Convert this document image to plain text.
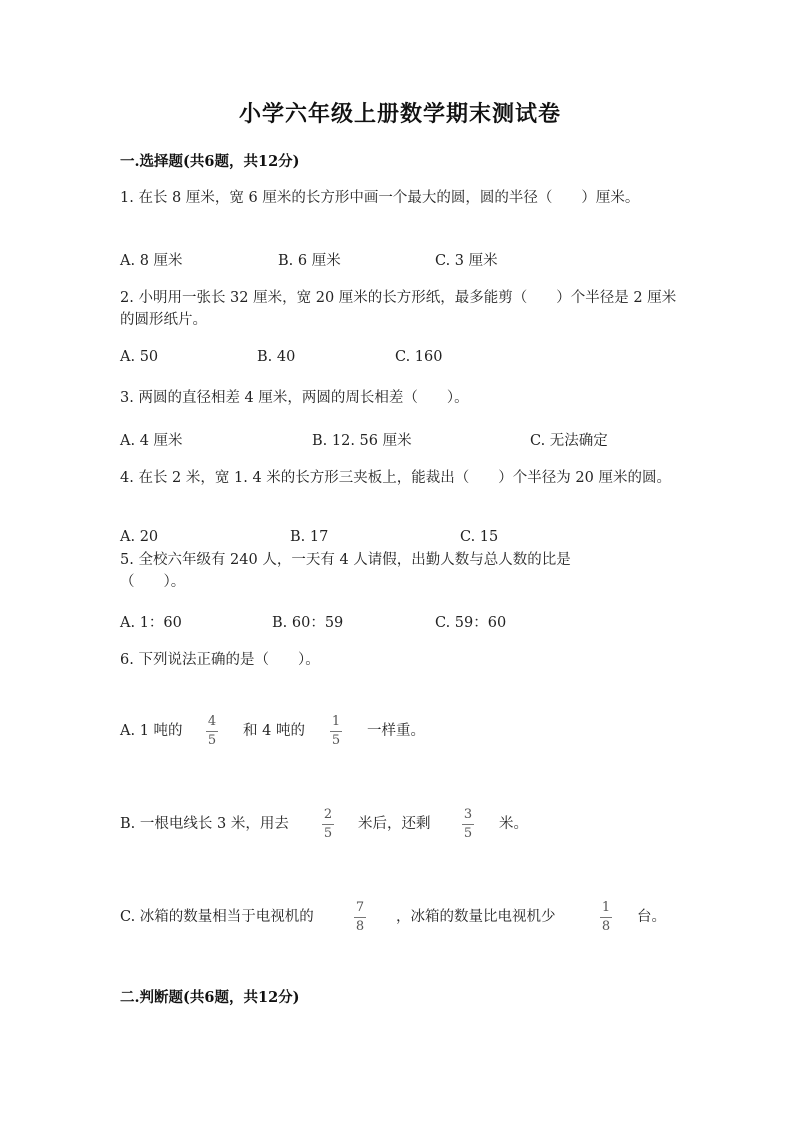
小学六年级上册数学期末测试卷
一.选择题(共6题，共12分)
1. 在长 8 厘米，宽 6 厘米的长方形中画一个最大的圆，圆的半径（　　）厘米。
A. 8 厘米	B. 6 厘米	C. 3 厘米
2. 小明用一张长 32 厘米，宽 20 厘米的长方形纸，最多能剪（　　）个半径是 2 厘米的圆形纸片。
A. 50	B. 40	C. 160
3. 两圆的直径相差 4 厘米，两圆的周长相差（　　）。
A. 4 厘米	B. 12. 56 厘米	C. 无法确定
4. 在长 2 米，宽 1. 4 米的长方形三夹板上，能裁出（　　）个半径为 20 厘米的圆。
A. 20	B. 17	C. 15
5. 全校六年级有 240 人，一天有 4 人请假，出勤人数与总人数的比是（　　）。
A. 1：60	B. 60：59	C. 59：60
6. 下列说法正确的是（　　）。
A. 1 吨的
4
5
和 4 吨的
1
5
一样重。
B. 一根电线长 3 米，用去
2
5
米后，还剩
3
5
米。
C. 冰箱的数量相当于电视机的
7
8
，冰箱的数量比电视机少
1
8
台。
二.判断题(共6题，共12分)
